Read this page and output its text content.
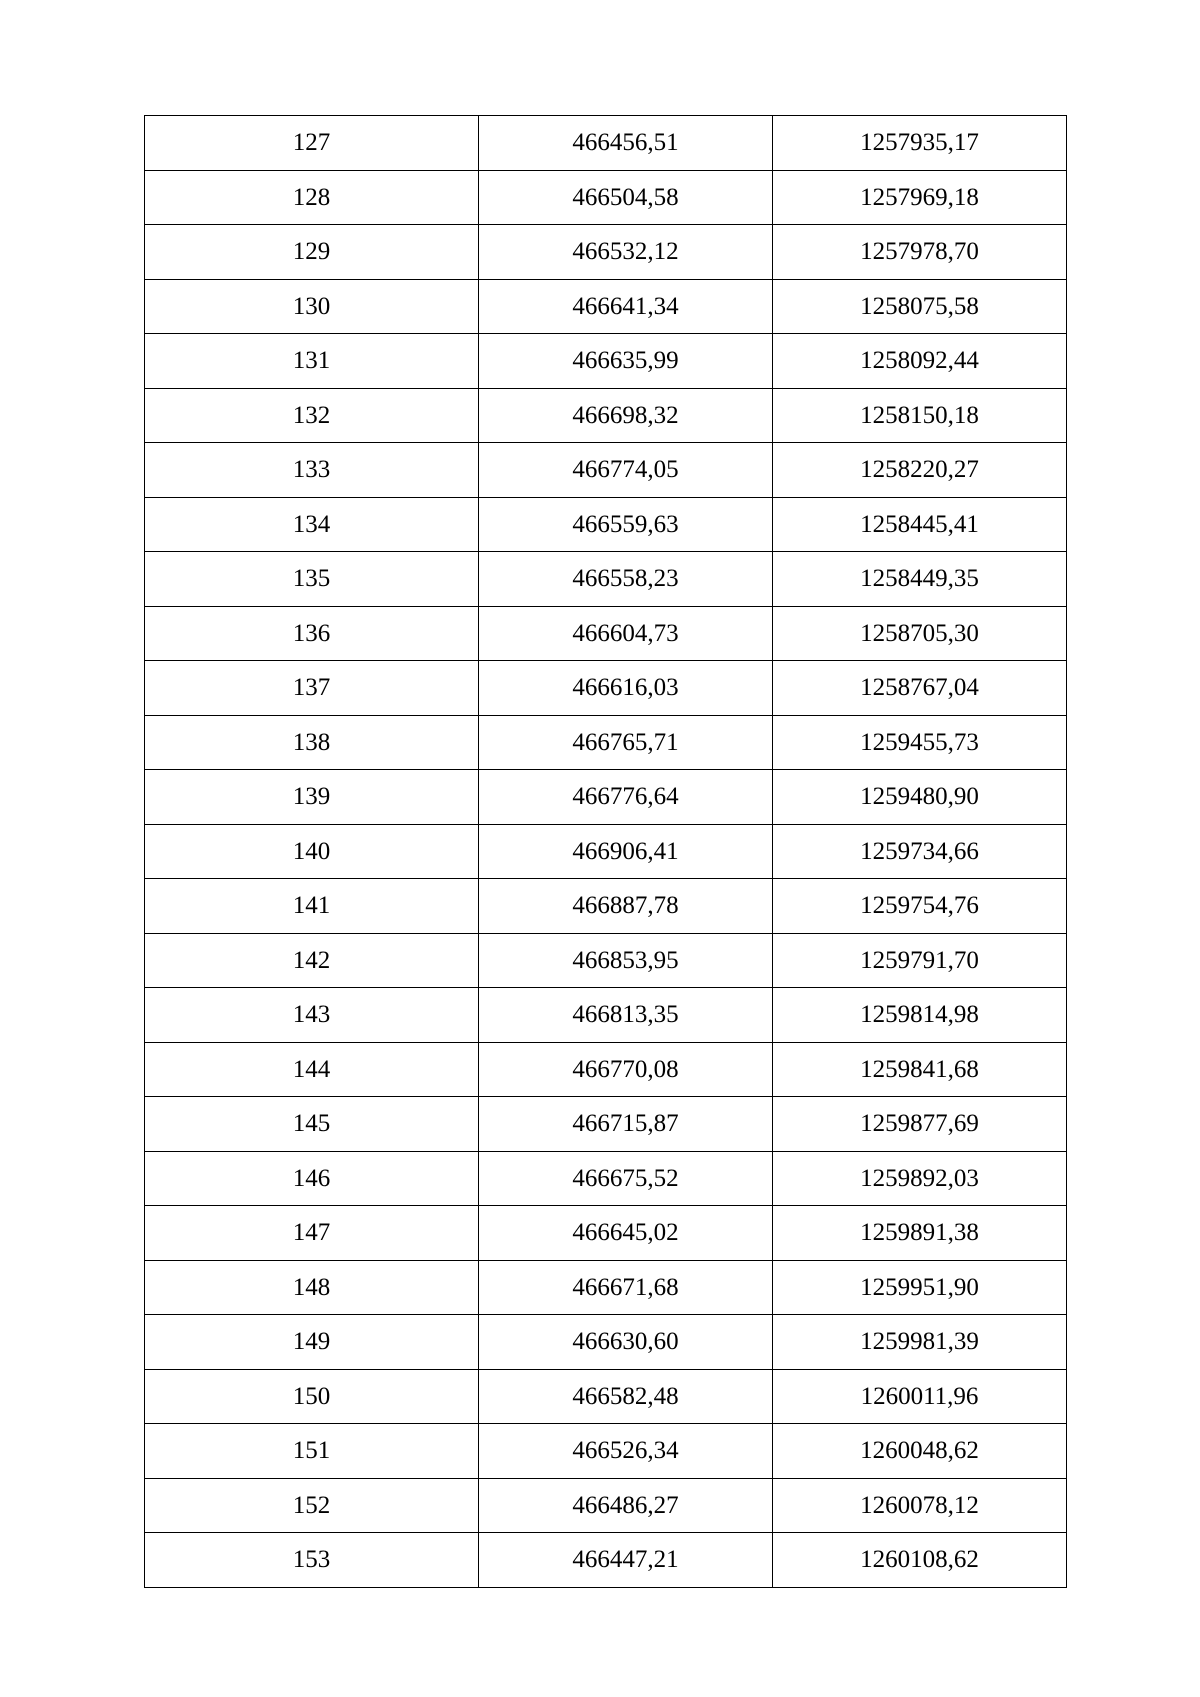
127	466456,51	1257935,17
128	466504,58	1257969,18
129	466532,12	1257978,70
130	466641,34	1258075,58
131	466635,99	1258092,44
132	466698,32	1258150,18
133	466774,05	1258220,27
134	466559,63	1258445,41
135	466558,23	1258449,35
136	466604,73	1258705,30
137	466616,03	1258767,04
138	466765,71	1259455,73
139	466776,64	1259480,90
140	466906,41	1259734,66
141	466887,78	1259754,76
142	466853,95	1259791,70
143	466813,35	1259814,98
144	466770,08	1259841,68
145	466715,87	1259877,69
146	466675,52	1259892,03
147	466645,02	1259891,38
148	466671,68	1259951,90
149	466630,60	1259981,39
150	466582,48	1260011,96
151	466526,34	1260048,62
152	466486,27	1260078,12
153	466447,21	1260108,62
